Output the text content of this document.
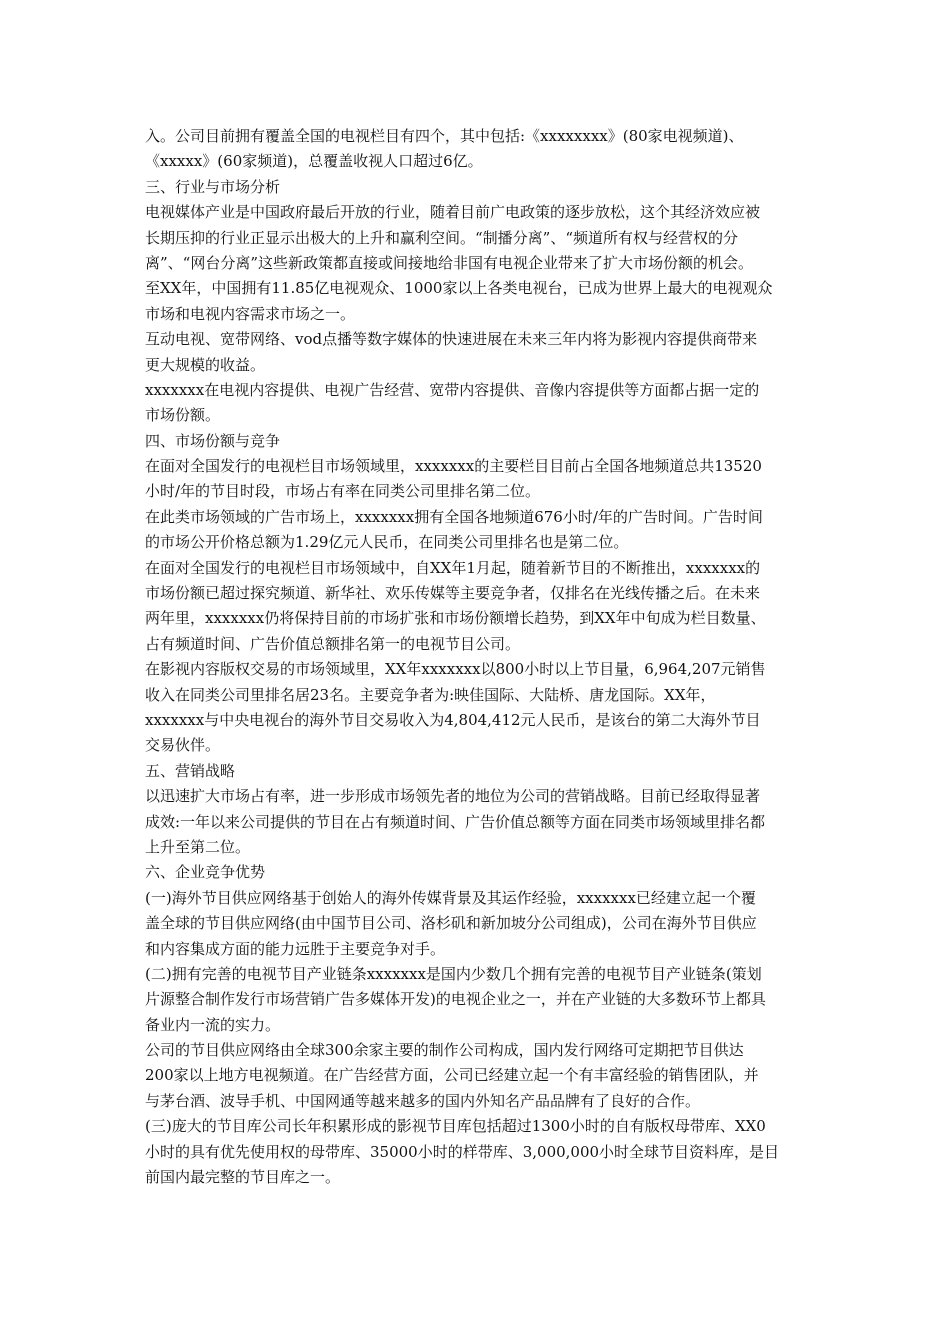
入。公司目前拥有覆盖全国的电视栏目有四个，其中包括:《xxxxxxxx》(80家电视频道)、
《xxxxx》(60家频道)，总覆盖收视人口超过6亿。
三、行业与市场分析
电视媒体产业是中国政府最后开放的行业，随着目前广电政策的逐步放松，这个其经济效应被
长期压抑的行业正显示出极大的上升和赢利空间。“制播分离”、“频道所有权与经营权的分
离”、“网台分离”这些新政策都直接或间接地给非国有电视企业带来了扩大市场份额的机会。
至XX年，中国拥有11.85亿电视观众、1000家以上各类电视台，已成为世界上最大的电视观众
市场和电视内容需求市场之一。
互动电视、宽带网络、vod点播等数字媒体的快速进展在未来三年内将为影视内容提供商带来
更大规模的收益。
xxxxxxx在电视内容提供、电视广告经营、宽带内容提供、音像内容提供等方面都占据一定的
市场份额。
四、市场份额与竞争
在面对全国发行的电视栏目市场领域里，xxxxxxx的主要栏目目前占全国各地频道总共13520
小时/年的节目时段，市场占有率在同类公司里排名第二位。
在此类市场领域的广告市场上，xxxxxxx拥有全国各地频道676小时/年的广告时间。广告时间
的市场公开价格总额为1.29亿元人民币，在同类公司里排名也是第二位。
在面对全国发行的电视栏目市场领域中，自XX年1月起，随着新节目的不断推出，xxxxxxx的
市场份额已超过探究频道、新华社、欢乐传媒等主要竞争者，仅排名在光线传播之后。在未来
两年里，xxxxxxx仍将保持目前的市场扩张和市场份额增长趋势，到XX年中旬成为栏目数量、
占有频道时间、广告价值总额排名第一的电视节目公司。
在影视内容版权交易的市场领域里，XX年xxxxxxx以800小时以上节目量，6,964,207元销售
收入在同类公司里排名居23名。主要竞争者为:映佳国际、大陆桥、唐龙国际。XX年，
xxxxxxx与中央电视台的海外节目交易收入为4,804,412元人民币，是该台的第二大海外节目
交易伙伴。
五、营销战略
以迅速扩大市场占有率，进一步形成市场领先者的地位为公司的营销战略。目前已经取得显著
成效:一年以来公司提供的节目在占有频道时间、广告价值总额等方面在同类市场领域里排名都
上升至第二位。
六、企业竞争优势
(一)海外节目供应网络基于创始人的海外传媒背景及其运作经验，xxxxxxx已经建立起一个覆
盖全球的节目供应网络(由中国节目公司、洛杉矶和新加坡分公司组成)，公司在海外节目供应
和内容集成方面的能力远胜于主要竞争对手。
(二)拥有完善的电视节目产业链条xxxxxxx是国内少数几个拥有完善的电视节目产业链条(策划
片源整合制作发行市场营销广告多媒体开发)的电视企业之一，并在产业链的大多数环节上都具
备业内一流的实力。
公司的节目供应网络由全球300余家主要的制作公司构成，国内发行网络可定期把节目供达
200家以上地方电视频道。在广告经营方面，公司已经建立起一个有丰富经验的销售团队，并
与茅台酒、波导手机、中国网通等越来越多的国内外知名产品品牌有了良好的合作。
(三)庞大的节目库公司长年积累形成的影视节目库包括超过1300小时的自有版权母带库、XX0
小时的具有优先使用权的母带库、35000小时的样带库、3,000,000小时全球节目资料库，是目
前国内最完整的节目库之一。
